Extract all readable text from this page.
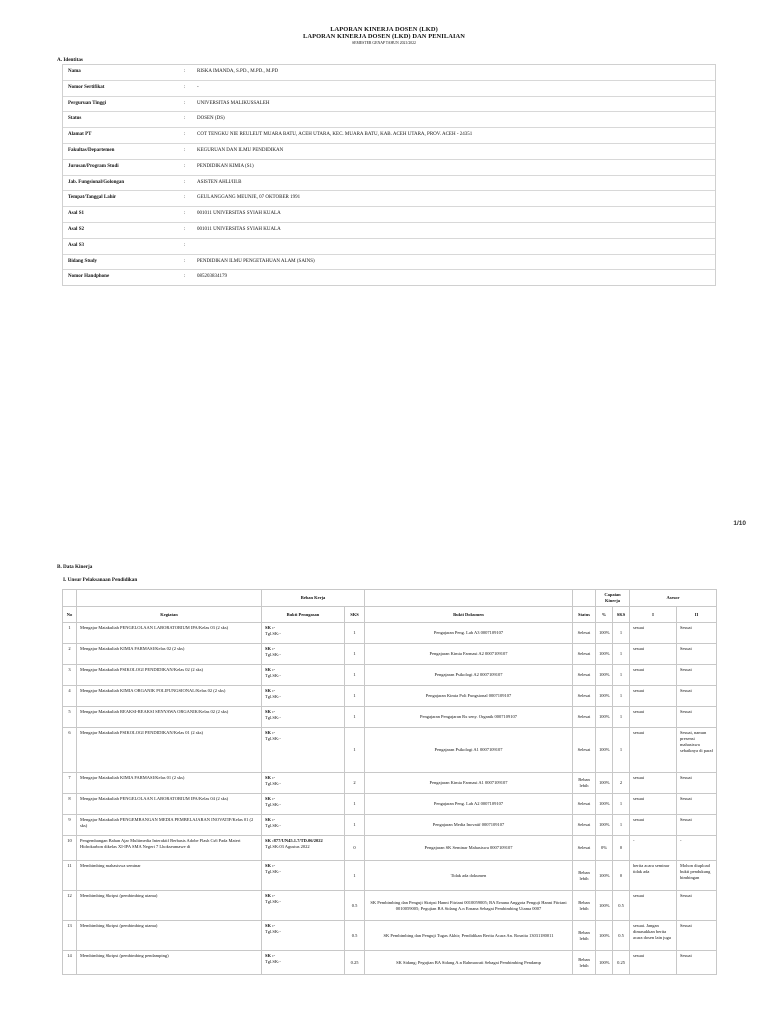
LAPORAN KINERJA DOSEN (LKD)
LAPORAN KINERJA DOSEN (LKD) DAN PENILAIAN
SEMESTER GENAP TAHUN 2021/2022
A. Identitas
Nama	: RISKA IMANDA, S.PD., M.PD., M.PD
Nomor Sertifikat	: -
Perguruan Tinggi	: UNIVERSITAS MALIKUSSALEH
Status	: DOSEN (DS)
Alamat PT	: COT TENGKU NIE REULEUT MUARA BATU, ACEH UTARA, KEC. MUARA BATU, KAB. ACEH UTARA, PROV. ACEH - 24351
Fakultas/Departemen	: KEGURUAN DAN ILMU PENDIDIKAN
Jurusan/Program Studi	: PENDIDIKAN KIMIA (S1)
Jab. Fungsional/Golongan	: ASISTEN AHLI/III.B
Tempat/Tanggal Lahir	: GEULANGGANG MEUNJE, 07 OKTOBER 1991
Asal S1	: 001011 UNIVERSITAS SYIAH KUALA
Asal S2	: 001011 UNIVERSITAS SYIAH KUALA
Asal S3	:
Bidang Study	: PENDIDIKAN ILMU PENGETAHUAN ALAM (SAINS)
Nomor Handphone	: 085203834179
1/10
B. Data Kinerja
I. Unsur Pelaksanaan Pendidikan
		Beban Kerja				Capaian Kinerja		Asesor	
No	Kegiatan	Bukti Penugasan	SKS	Bukti Dokumen	Status	%	SKS	I	II
1	Mengajar Matakuliah PENGELOLAAN LABORATORIUM IPA/Kelas 03 (2 sks)	SK :-
Tgl.SK:-	1	Pengajaran Peng. Lab A3 0007109107	Selesai	100%	1	sesuai	Sesuai
2	Mengajar Matakuliah KIMIA FARMASI/Kelas 02 (2 sks)	SK :-
Tgl.SK:-	1	Pengajaran Kimia Farmasi A2 0007109107	Selesai	100%	1	sesuai	Sesuai
3	Mengajar Matakuliah PSIKOLOGI PENDIDIKAN/Kelas 02 (2 sks)	SK :-
Tgl.SK:-	1	Pengajaran Psikologi A2 0007109107	Selesai	100%	1	sesuai	Sesuai
4	Mengajar Matakuliah KIMIA ORGANIK POLIFUNGSIONAL/Kelas 02 (2 sks)	SK :-
Tgl.SK:-	1	Pengajaran Kimia Poli Fungsional 0007109107	Selesai	100%	1	sesuai	Sesuai
5	Mengajar Matakuliah REAKSI-REAKSI SENYAWA ORGANIK/Kelas 02 (2 sks)	SK :-
Tgl.SK:-	1	Pengajaran Pengajaran Rx seny. Organik 0007109107	Selesai	100%	1	sesuai	Sesuai
6	Mengajar Matakuliah PSIKOLOGI PENDIDIKAN/Kelas 01 (2 sks)	SK :-
Tgl.SK:-	1	Pengajaran Psikologi A1 0007109107	Selesai	100%	1	sesuai	Sesuai, namun presensi mahasiswa sebaiknya di paraf
7	Mengajar Matakuliah KIMIA FARMASI/Kelas 01 (2 sks)	SK :-
Tgl.SK:-	2	Pengajaran Kimia Farmasi A1 0007109107	Beban lebih	100%	2	sesuai	Sesuai
8	Mengajar Matakuliah PENGELOLAAN LABORATORIUM IPA/Kelas 04 (2 sks)	SK :-
Tgl.SK:-	1	Pengajaran Peng. Lab A2 0007109107	Selesai	100%	1	sesuai	Sesuai
9	Mengajar Matakuliah PENGEMBANGAN MEDIA PEMBELAJARAN INOVATIF/Kelas 01 (2 sks)	SK :-
Tgl.SK:-	1	Pengajaran Media Inovatif 0007109107	Selesai	100%	1	sesuai	Sesuai
10	Pengembangan Bahan Ajar Multimedia Interaktif Berbasis Adobe Flash Cs6 Pada Materi Hidrokarbon dikelas XI-IPA SMA Negeri 7 Lhokseumawe di	SK :877/UN45.1.7/TD.06/2022
Tgl.SK:03 Agustus 2022	0	Pengajaran SK Seminar Mahasiswa 0007109107	Selesai	0%	0	-	-
11	Membimbing mahasiswa seminar	SK :-
Tgl.SK:-	1	Tidak ada dokumen	Beban lebih	100%	0	berita acara seminar tidak ada	Mohon diupload bukti pendukung bimbingan
12	Membimbing Skripsi (pembimbing utama)	SK :-
Tgl.SK:-	0.5	SK Pembimbing dan Penguji Skripsi Hanni Fitriani 0010059005; BA Ernana Anggota Penguji Hanni Fitriani 0010059005; Pegujian BA Sidang A.n Ernana Sebagai Pembimbing Utama 0007	Beban lebih	100%	0.5	sesuai	Sesuai
13	Membimbing Skripsi (pembimbing utama)	SK :-
Tgl.SK:-	0.5	SK Pembimbing dan Penguji Tugas Akhir; Pendidikan Berita Acara An. Rosnita 13031180011	Beban lebih	100%	0.5	sesuai. Jangan dimasukkan berita acara dosen lain juga	Sesuai
14	Membimbing Skripsi (pembimbing pendamping)	SK :-
Tgl.SK:-	0.25	SK Sidang; Pegujian BA Sidang A.n Rahmawati Sebagai Pembimbing Pendamp	Beban lebih	100%	0.25	sesuai	Sesuai
